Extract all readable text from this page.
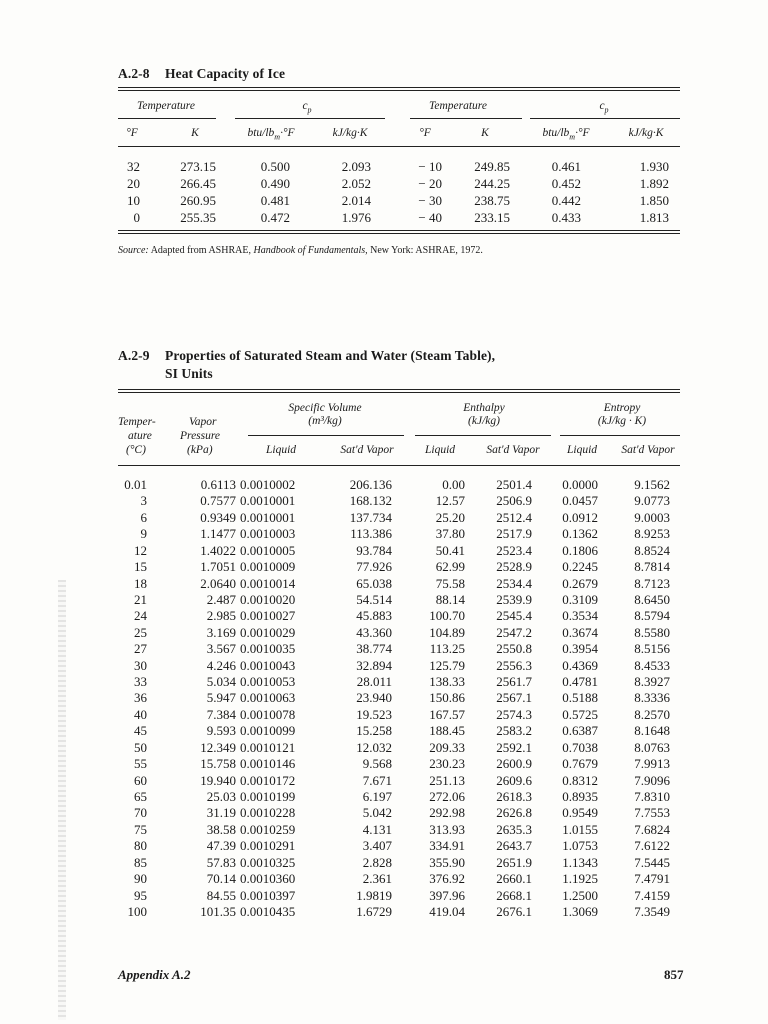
A.2-8 Heat Capacity of Ice
Temperature	$c_p$	Temperature	$c_p$
°F	K	btu/$lb_m\cdot^\circ F$	kJ/kg·K	°F	K	btu/$lb_m\cdot^\circ F$	kJ/kg·K
32	273.15	0.500	2.093	− 10 249.85	0.461	1.930
20	266.45	0.490	2.052	− 20 244.25	0.452	1.892
10	260.95	0.481	2.014	− 30 238.75	0.442	1.850
0	255.35	0.472	1.976	− 40 233.15	0.433	1.813
Source: Adapted from ASHRAE, Handbook of Fundamentals, New York: ASHRAE, 1972.
A.2-9 Properties of Saturated Steam and Water (Steam Table),
SI Units
Temper-
ature
(°C)
Vapor
Pressure
(kPa)
Specific Volume
(m³/kg)
Enthalpy
(kJ/kg)
Entropy
(kJ/kg · K)
Liquid	Sat'd Vapor	Liquid	Sat'd Vapor Liquid Sat'd Vapor
0.01	0.6113 0.0010002	206.136	0.00 2501.4 0.0000	9.1562
3	0.7577 0.0010001	168.132	12.57 2506.9 0.0457	9.0773
6	0.9349 0.0010001	137.734	25.20 2512.4 0.0912	9.0003
9	1.1477 0.0010003	113.386	37.80 2517.9 0.1362	8.9253
12	1.4022 0.0010005	93.784	50.41 2523.4 0.1806	8.8524
15	1.7051 0.0010009	77.926	62.99 2528.9 0.2245	8.7814
18	2.0640 0.0010014	65.038	75.58 2534.4 0.2679	8.7123
21	2.487 0.0010020	54.514	88.14 2539.9 0.3109	8.6450
24	2.985 0.0010027	45.883	100.70 2545.4 0.3534	8.5794
25	3.169 0.0010029	43.360	104.89 2547.2 0.3674	8.5580
27	3.567 0.0010035	38.774	113.25 2550.8 0.3954	8.5156
30	4.246 0.0010043	32.894	125.79 2556.3 0.4369	8.4533
33	5.034 0.0010053	28.011	138.33 2561.7 0.4781	8.3927
36	5.947 0.0010063	23.940	150.86 2567.1 0.5188	8.3336
40	7.384 0.0010078	19.523	167.57 2574.3 0.5725	8.2570
45	9.593 0.0010099	15.258	188.45 2583.2 0.6387	8.1648
50	12.349 0.0010121	12.032	209.33 2592.1 0.7038	8.0763
55	15.758 0.0010146	9.568	230.23 2600.9 0.7679	7.9913
60	19.940 0.0010172	7.671	251.13 2609.6 0.8312	7.9096
65	25.03 0.0010199	6.197	272.06 2618.3 0.8935	7.8310
70	31.19 0.0010228	5.042	292.98 2626.8 0.9549	7.7553
75	38.58 0.0010259	4.131	313.93 2635.3 1.0155	7.6824
80	47.39 0.0010291	3.407	334.91 2643.7 1.0753	7.6122
85	57.83 0.0010325	2.828	355.90 2651.9 1.1343	7.5445
90	70.14 0.0010360	2.361	376.92 2660.1 1.1925	7.4791
95	84.55 0.0010397	1.9819	397.96 2668.1 1.2500	7.4159
100	101.35 0.0010435	1.6729	419.04 2676.1 1.3069	7.3549
Appendix A.2	857
